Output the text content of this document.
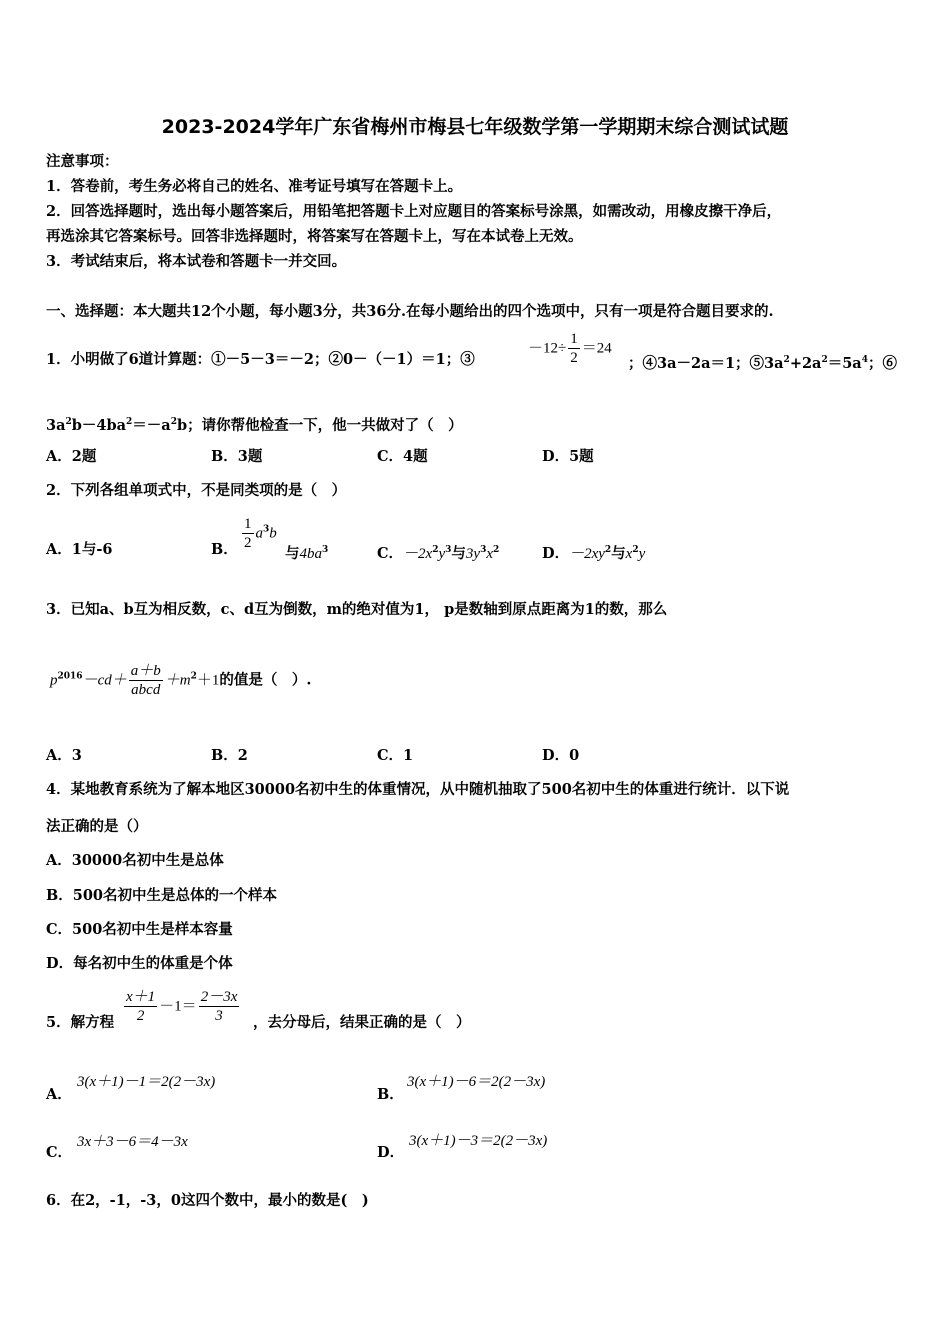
2023-2024学年广东省梅州市梅县七年级数学第一学期期末综合测试试题
注意事项：
1．答卷前，考生务必将自己的姓名、准考证号填写在答题卡上。
2．回答选择题时，选出每小题答案后，用铅笔把答题卡上对应题目的答案标号涂黑，如需改动，用橡皮擦干净后，
再选涂其它答案标号。回答非选择题时，将答案写在答题卡上，写在本试卷上无效。
3．考试结束后，将本试卷和答题卡一并交回。
一、选择题：本大题共12个小题，每小题3分，共36分.在每小题给出的四个选项中，只有一项是符合题目要求的.
1．小明做了6道计算题：①－5－3＝－2；②0－（－1）＝1；③
$-12\div \frac{1}{2} =24$
；④3a－2a＝1；$⑤3a^2+2a^2=5a^4$；⑥
$3a^2b-4ba^2=-a^2b$；请你帮他检查一下，他一共做对了（　）
A．2题	B．3题	C．4题	D．5题
2．下列各组单项式中，不是同类项的是（　）
A．1与-6	B． $\frac{1}{2} a^3b$
与$4ba^3$	C．$-2x^2y^3$与$3y^3x^2$	D．$-2xy^2$与$x^2y$
3．已知a、b互为相反数，c、d互为倒数，m的绝对值为1， p是数轴到原点距离为1的数，那么
$p^{2016}-cd+ \frac{a+b}{\text{abcd}} +m^2+1$的值是（　）.
A．3	B．2	C．1	D．0
4．某地教育系统为了解本地区30000名初中生的体重情况，从中随机抽取了500名初中生的体重进行统计．以下说
法正确的是（）
A．30000名初中生是总体
B．500名初中生是总体的一个样本
C．500名初中生是样本容量
D．每名初中生的体重是个体
5．解方程 $\frac{x+1}{2} -1= \frac{2-3x}{3}$ ，去分母后，结果正确的是（　）
A．
3(x＋1)－1＝2(2－3x)
B．
3(x＋1)－6＝2(2－3x)
C．
3x＋3－6＝4－3x
D．
3(x＋1)－3＝2(2－3x)
6．在2，-1，-3，0这四个数中，最小的数是(　)
